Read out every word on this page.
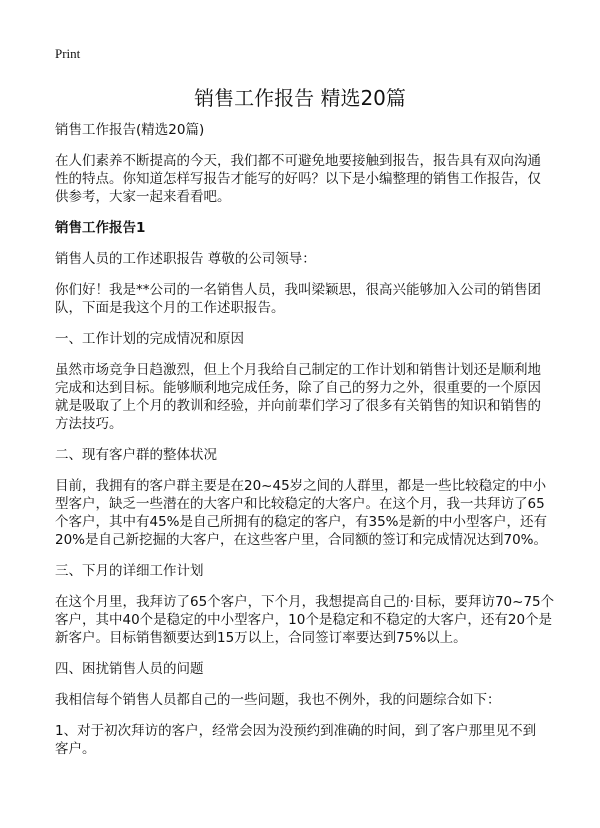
Print
销售工作报告 精选20篇

销售工作报告(精选20篇)

在人们素养不断提高的今天，我们都不可避免地要接触到报告，报告具有双向沟通
性的特点。你知道怎样写报告才能写的好吗？以下是小编整理的销售工作报告，仅
供参考，大家一起来看看吧。

销售工作报告1

销售人员的工作述职报告 尊敬的公司领导：

你们好！我是**公司的一名销售人员，我叫梁颖思，很高兴能够加入公司的销售团
队，下面是我这个月的工作述职报告。

一、工作计划的完成情况和原因

虽然市场竞争日趋激烈，但上个月我给自己制定的工作计划和销售计划还是顺利地
完成和达到目标。能够顺利地完成任务，除了自己的努力之外，很重要的一个原因
就是吸取了上个月的教训和经验，并向前辈们学习了很多有关销售的知识和销售的
方法技巧。

二、现有客户群的整体状况

目前，我拥有的客户群主要是在20~45岁之间的人群里，都是一些比较稳定的中小
型客户，缺乏一些潜在的大客户和比较稳定的大客户。在这个月，我一共拜访了65
个客户，其中有45%是自己所拥有的稳定的客户，有35%是新的中小型客户，还有
20%是自己新挖掘的大客户，在这些客户里，合同额的签订和完成情况达到70%。

三、下月的详细工作计划

在这个月里，我拜访了65个客户，下个月，我想提高自己的·目标，要拜访70~75个
客户，其中40个是稳定的中小型客户，10个是稳定和不稳定的大客户，还有20个是
新客户。目标销售额要达到15万以上，合同签订率要达到75%以上。

四、困扰销售人员的问题

我相信每个销售人员都自己的一些问题，我也不例外，我的问题综合如下：

1、对于初次拜访的客户，经常会因为没预约到准确的时间，到了客户那里见不到
客户。
